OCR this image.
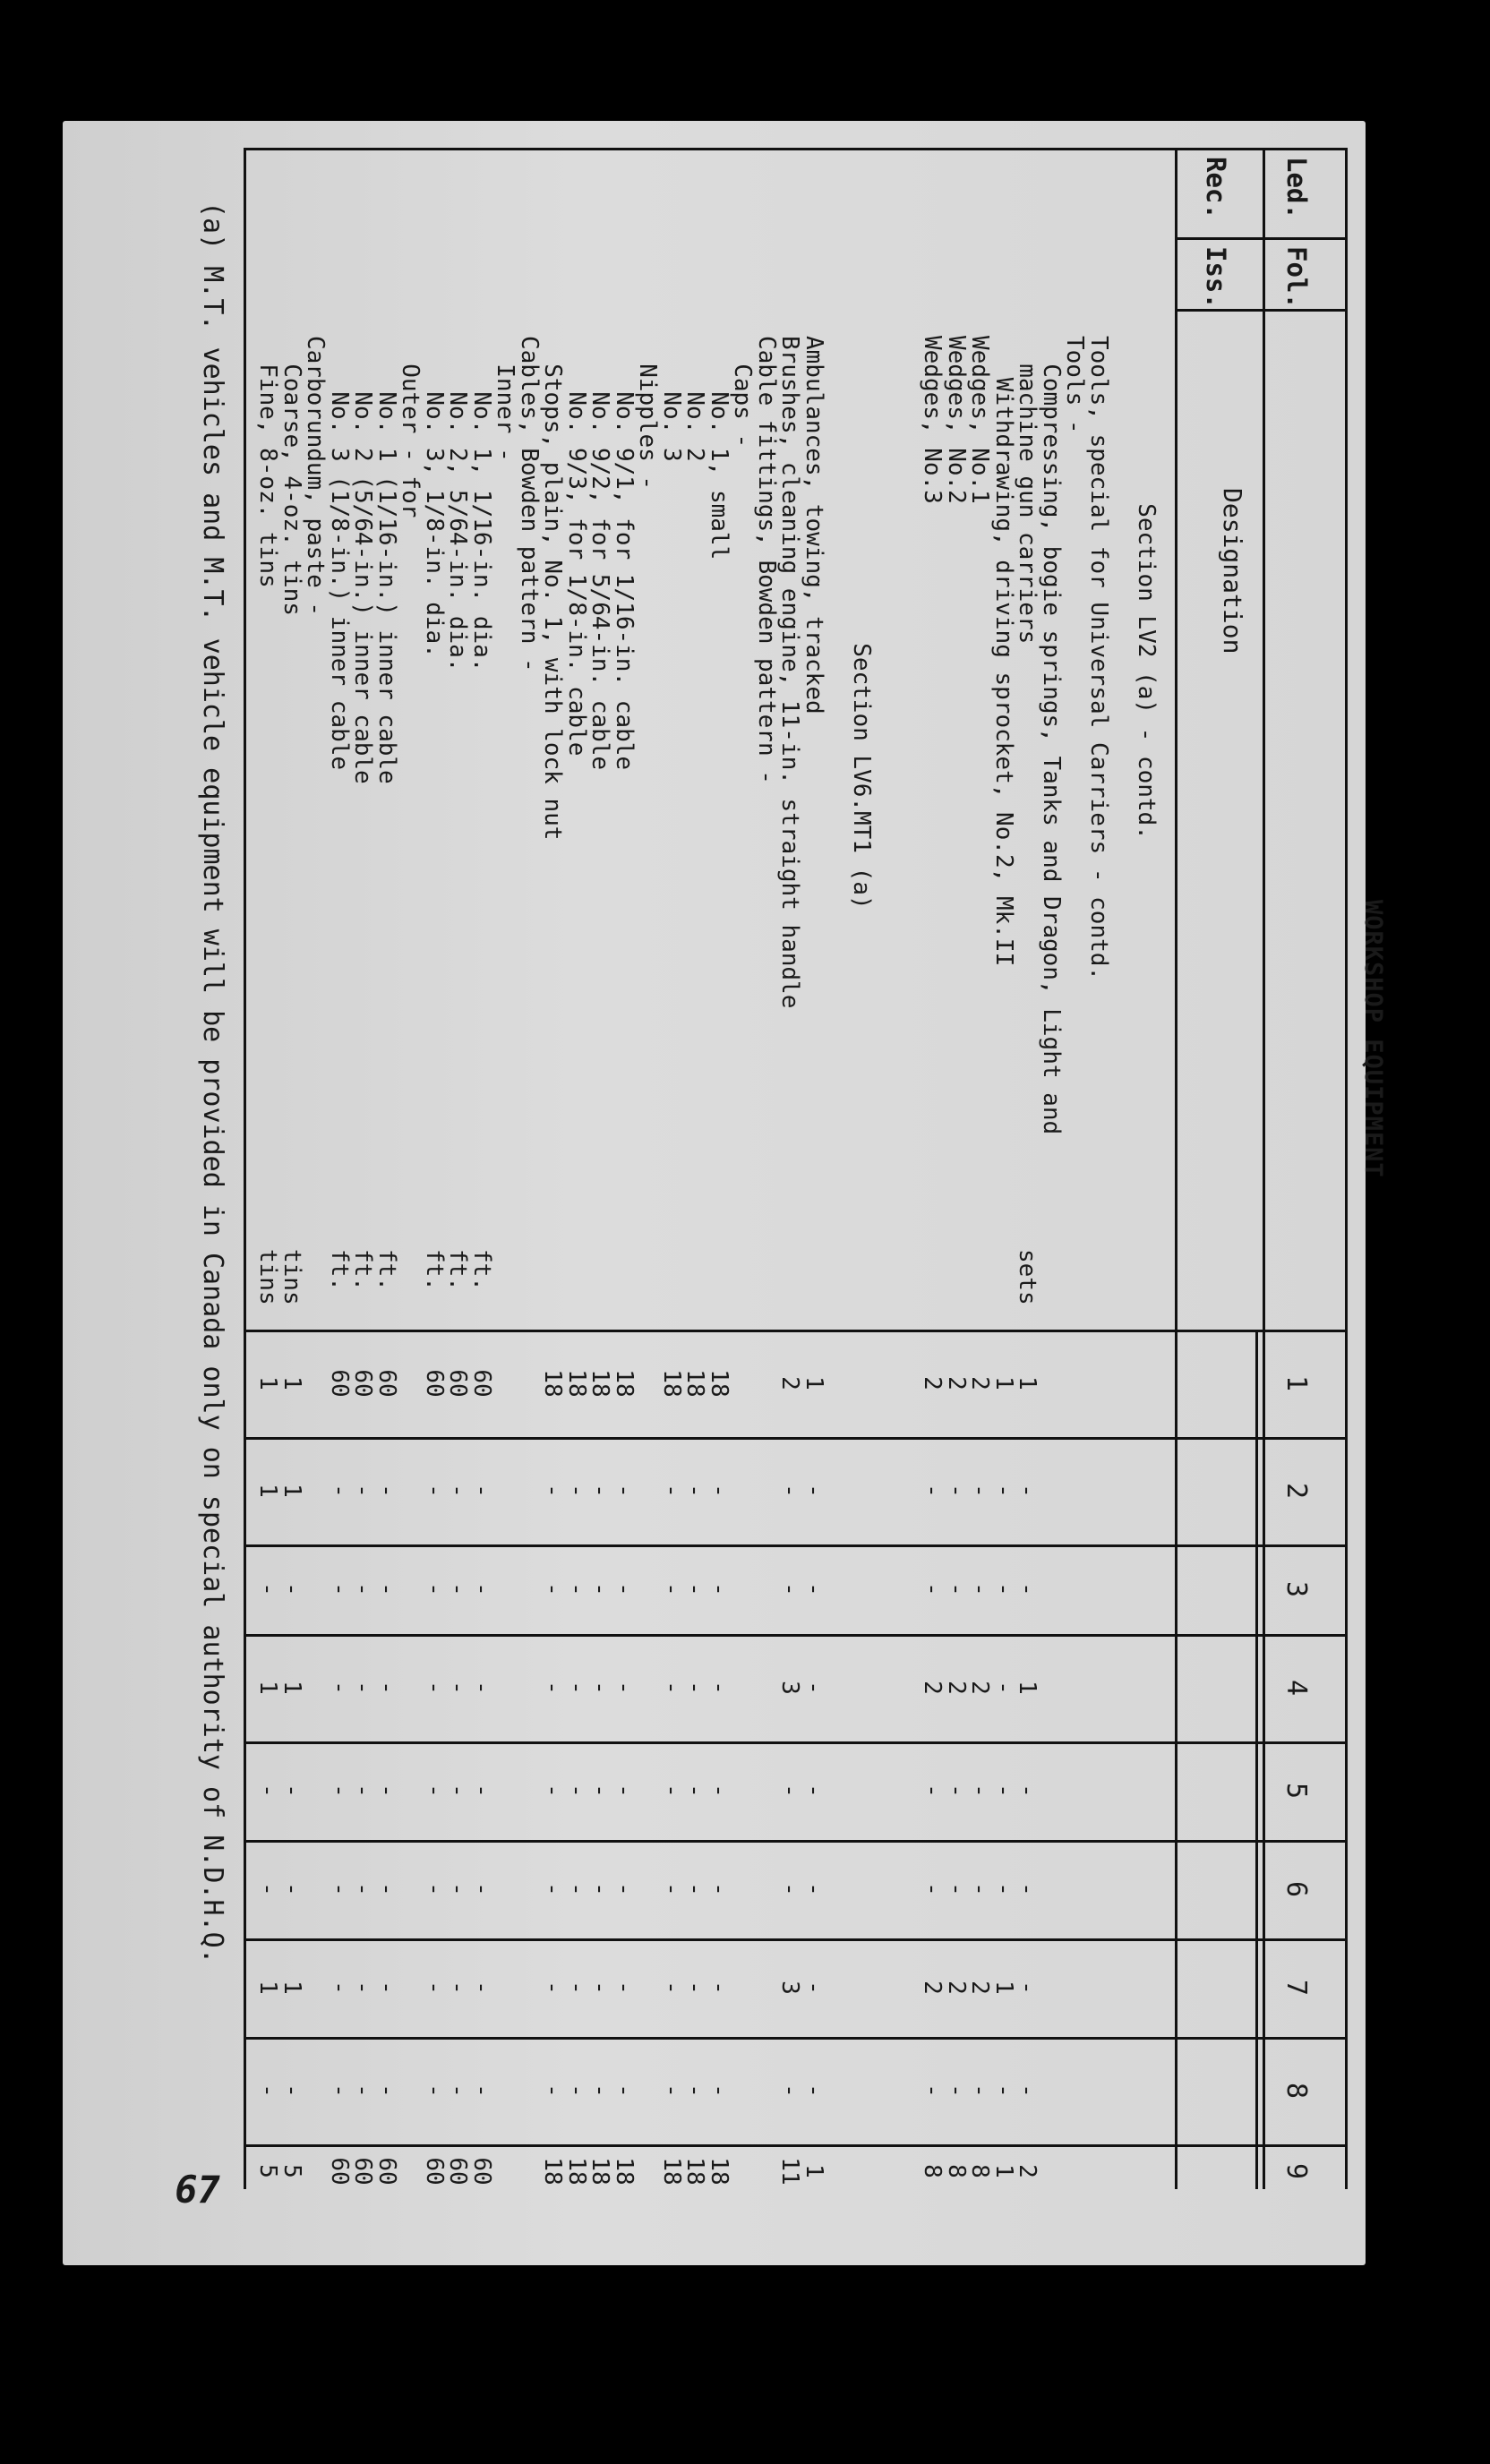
WORKSHOP EQUIPMENT
Led.
Fol.
Rec.
Iss.
Designation
1
2
3
4
5
6
7
8
9
Section LV2 (a) - contd.
Tools, special for Universal Carriers - contd.
Tools -
Compressing, bogie springs, Tanks and Dragon, Light and
machine gun carriers
sets
1
-
-
1
-
-
-
-
2
Withdrawing, driving sprocket, No.2, Mk.II
1
-
-
-
-
-
1
-
1
Wedges, No.1
2
-
-
2
-
-
2
-
8
Wedges, No.2
2
-
-
2
-
-
2
-
8
Wedges, No.3
2
-
-
2
-
-
2
-
8
Section LV6.MT1 (a)
Ambulances, towing, tracked
1
-
-
-
-
-
-
-
1
Brushes, cleaning engine, 11-in. straight handle
2
-
-
3
-
-
3
-
11
Cable fittings, Bowden pattern -
Caps -
No. 1, small
18
-
-
-
-
-
-
-
18
No. 2
18
-
-
-
-
-
-
-
18
No. 3
18
-
-
-
-
-
-
-
18
Nipples -
No. 9/1, for 1/16-in. cable
18
-
-
-
-
-
-
-
18
No. 9/2, for 5/64-in. cable
18
-
-
-
-
-
-
-
18
No. 9/3, for 1/8-in. cable
18
-
-
-
-
-
-
-
18
Stops, plain, No. 1, with lock nut
18
-
-
-
-
-
-
-
18
Cables, Bowden pattern -
Inner -
No. 1, 1/16-in. dia.
ft.
60
-
-
-
-
-
-
-
60
No. 2, 5/64-in. dia.
ft.
60
-
-
-
-
-
-
-
60
No. 3, 1/8-in. dia.
ft.
60
-
-
-
-
-
-
-
60
Outer - for
No. 1 (1/16-in.) inner cable
ft.
60
-
-
-
-
-
-
-
60
No. 2 (5/64-in.) inner cable
ft.
60
-
-
-
-
-
-
-
60
No. 3 (1/8-in.) inner cable
ft.
60
-
-
-
-
-
-
-
60
Carborundum, paste -
Coarse, 4-oz. tins
tins
1
1
-
1
-
-
1
-
5
Fine, 8-oz. tins
tins
1
1
-
1
-
-
1
-
5
(a) M.T. vehicles and M.T. vehicle equipment will be provided in Canada only on special authority of N.D.H.Q.
67
